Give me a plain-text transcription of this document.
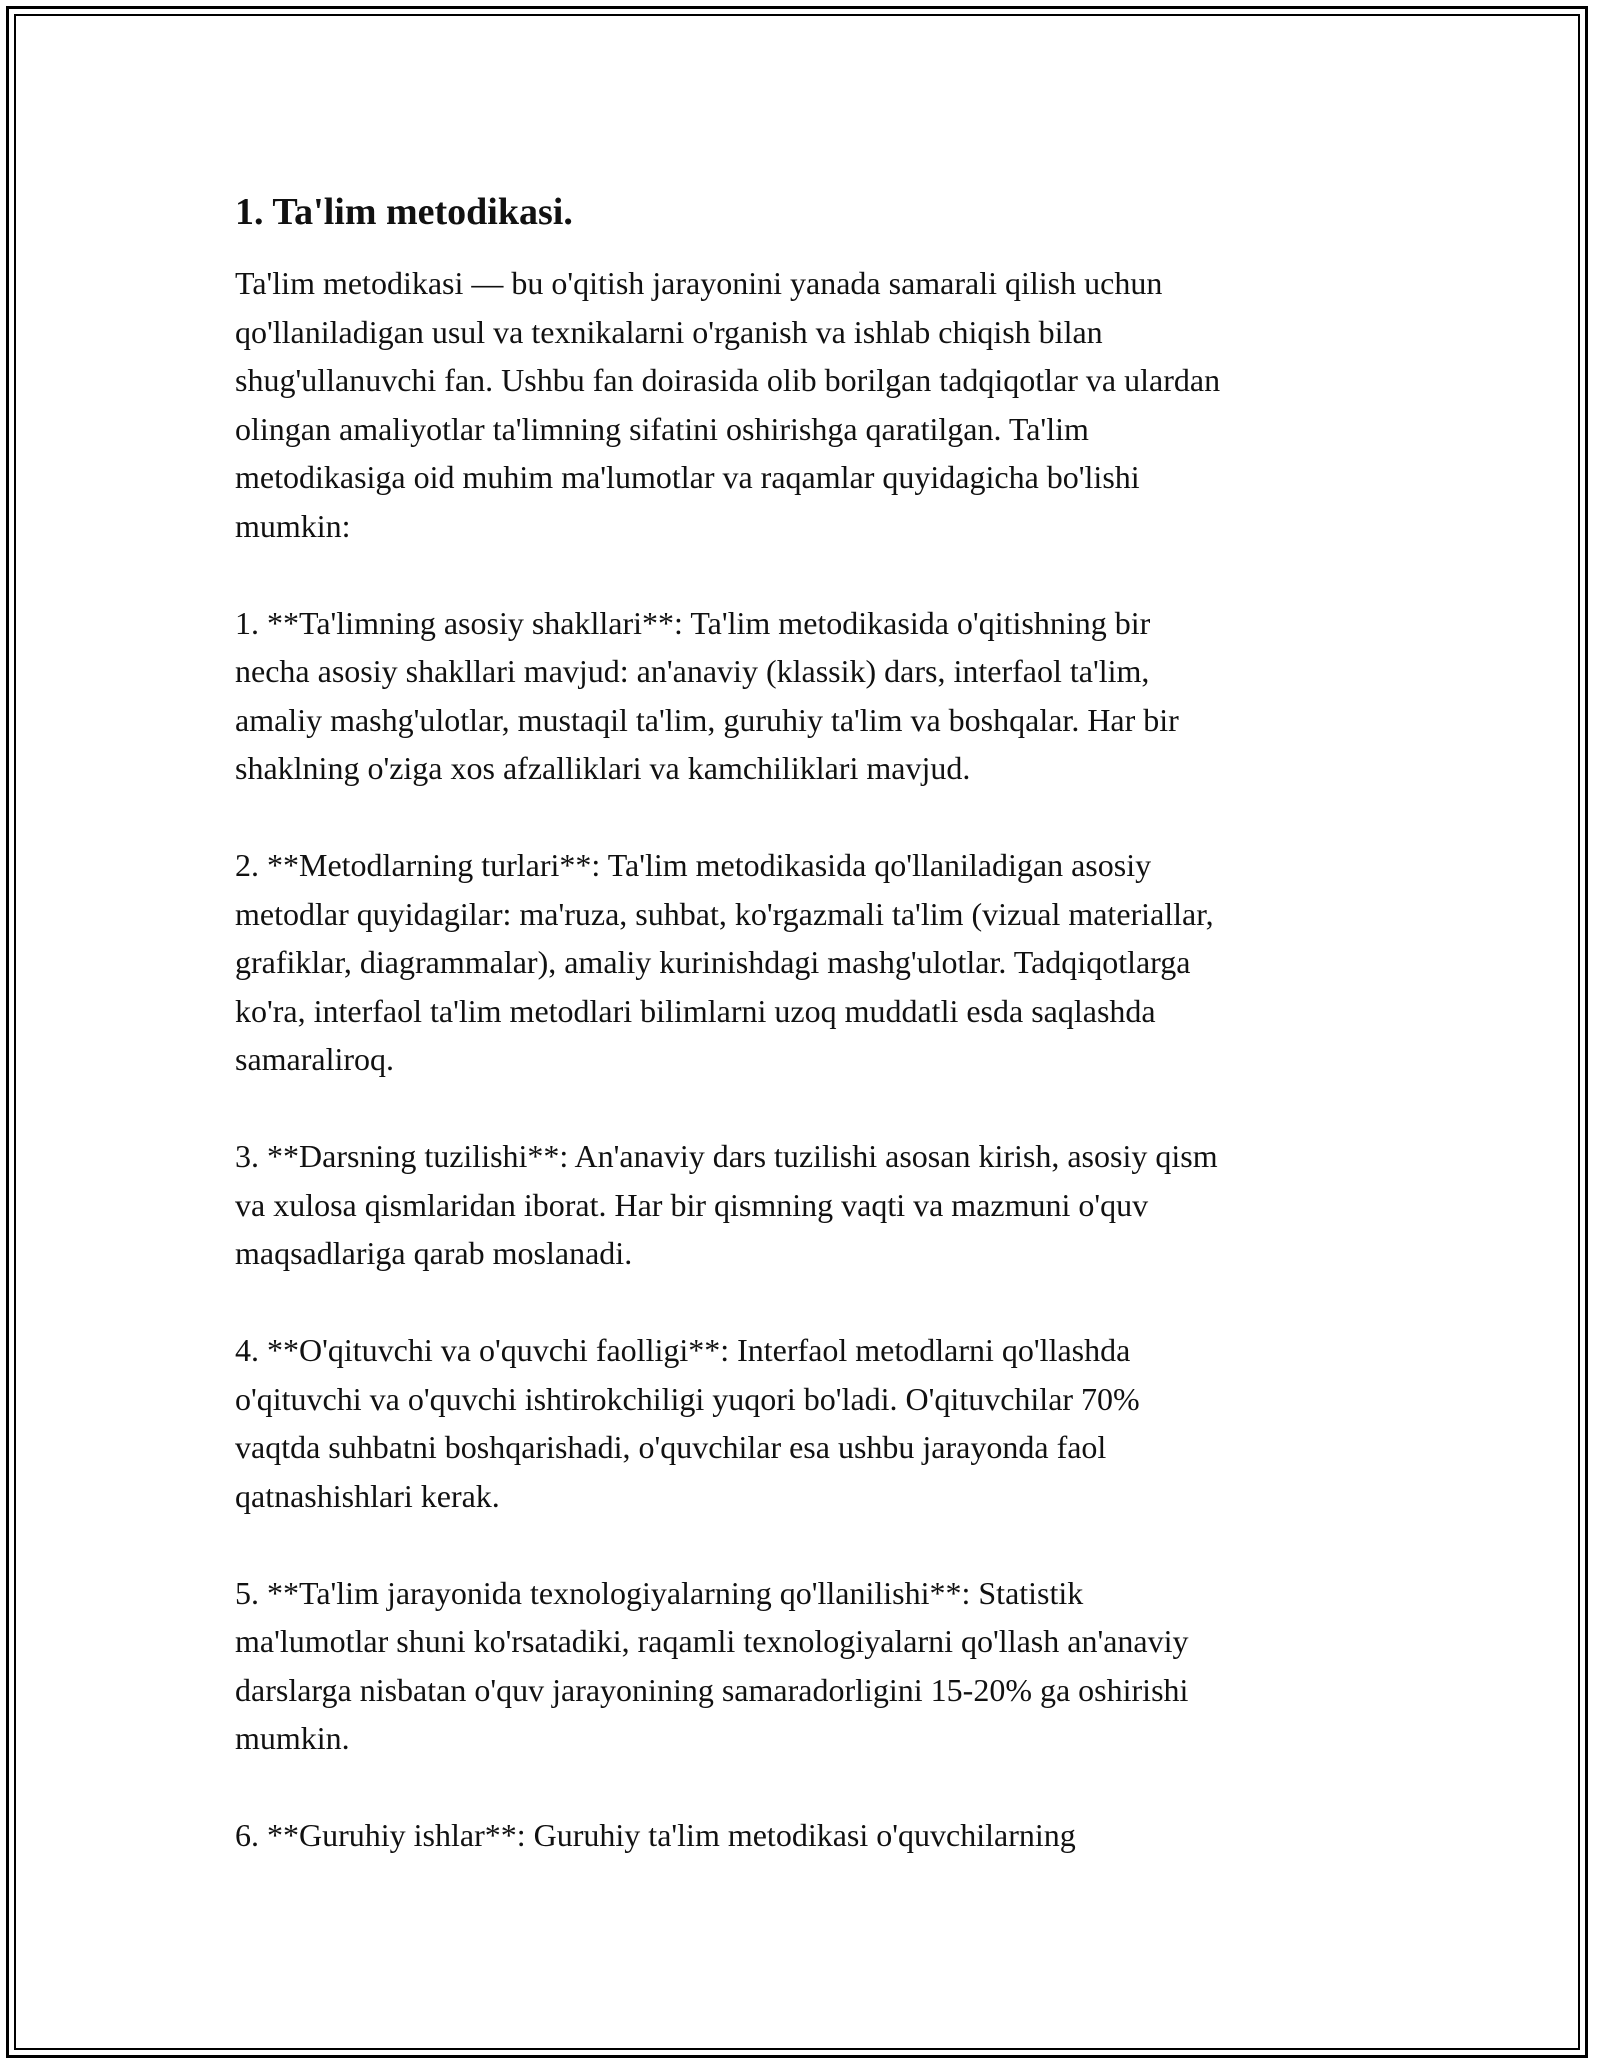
1. Ta'lim metodikasi.
Ta'lim metodikasi — bu o'qitish jarayonini yanada samarali qilish uchun
qo'llaniladigan usul va texnikalarni o'rganish va ishlab chiqish bilan
shug'ullanuvchi fan. Ushbu fan doirasida olib borilgan tadqiqotlar va ulardan
olingan amaliyotlar ta'limning sifatini oshirishga qaratilgan. Ta'lim
metodikasiga oid muhim ma'lumotlar va raqamlar quyidagicha bo'lishi
mumkin:
1. **Ta'limning asosiy shakllari**: Ta'lim metodikasida o'qitishning bir
necha asosiy shakllari mavjud: an'anaviy (klassik) dars, interfaol ta'lim,
amaliy mashg'ulotlar, mustaqil ta'lim, guruhiy ta'lim va boshqalar. Har bir
shaklning o'ziga xos afzalliklari va kamchiliklari mavjud.
2. **Metodlarning turlari**: Ta'lim metodikasida qo'llaniladigan asosiy
metodlar quyidagilar: ma'ruza, suhbat, ko'rgazmali ta'lim (vizual materiallar,
grafiklar, diagrammalar), amaliy kurinishdagi mashg'ulotlar. Tadqiqotlarga
ko'ra, interfaol ta'lim metodlari bilimlarni uzoq muddatli esda saqlashda
samaraliroq.
3. **Darsning tuzilishi**: An'anaviy dars tuzilishi asosan kirish, asosiy qism
va xulosa qismlaridan iborat. Har bir qismning vaqti va mazmuni o'quv
maqsadlariga qarab moslanadi.
4. **O'qituvchi va o'quvchi faolligi**: Interfaol metodlarni qo'llashda
o'qituvchi va o'quvchi ishtirokchiligi yuqori bo'ladi. O'qituvchilar 70%
vaqtda suhbatni boshqarishadi, o'quvchilar esa ushbu jarayonda faol
qatnashishlari kerak.
5. **Ta'lim jarayonida texnologiyalarning qo'llanilishi**: Statistik
ma'lumotlar shuni ko'rsatadiki, raqamli texnologiyalarni qo'llash an'anaviy
darslarga nisbatan o'quv jarayonining samaradorligini 15-20% ga oshirishi
mumkin.
6. **Guruhiy ishlar**: Guruhiy ta'lim metodikasi o'quvchilarning
